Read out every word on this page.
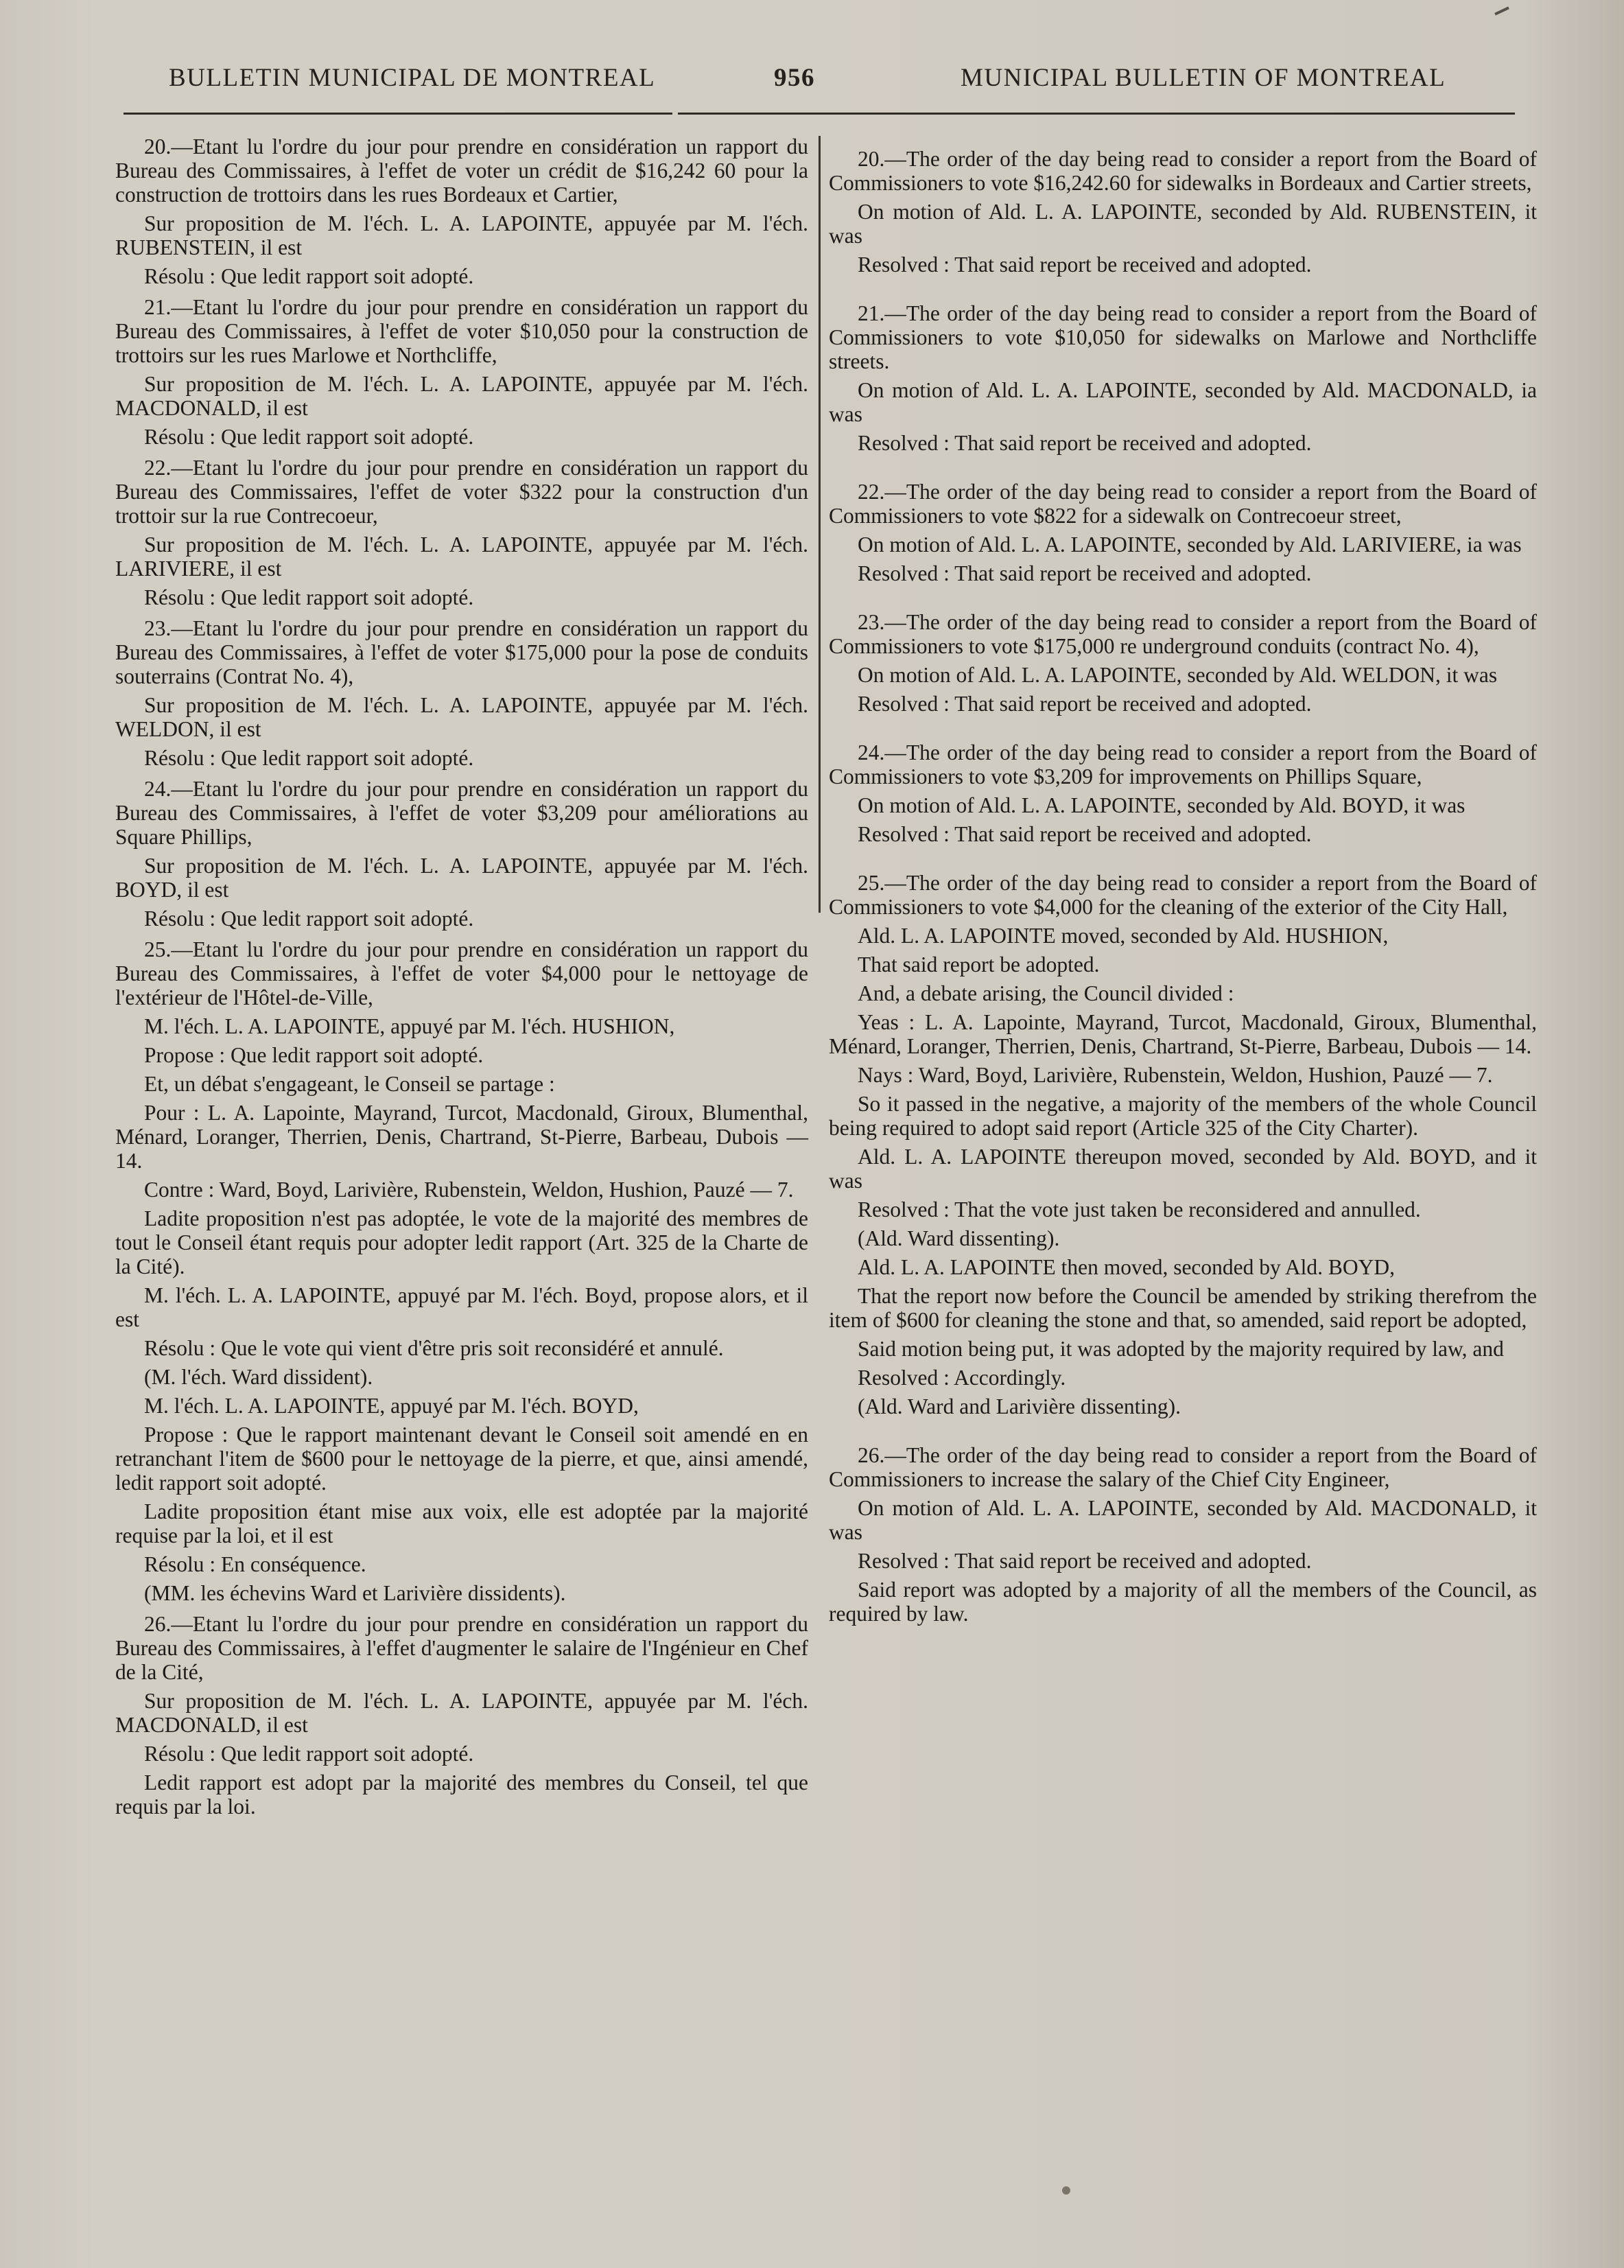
BULLETIN MUNICIPAL DE MONTREAL	956	MUNICIPAL BULLETIN OF MONTREAL

20.—Etant lu l'ordre du jour pour prendre en considération un rapport du Bureau des Commissaires, à l'effet de voter un crédit de $16,242 60 pour la construction de trottoirs dans les rues Bordeaux et Cartier,

Sur proposition de M. l'éch. L. A. LAPOINTE, appuyée par M. l'éch. RUBENSTEIN, il est

Résolu : Que ledit rapport soit adopté.

21.—Etant lu l'ordre du jour pour prendre en considération un rapport du Bureau des Commissaires, à l'effet de voter $10,050 pour la construction de trottoirs sur les rues Marlowe et Northcliffe,

Sur proposition de M. l'éch. L. A. LAPOINTE, appuyée par M. l'éch. MACDONALD, il est

Résolu : Que ledit rapport soit adopté.

22.—Etant lu l'ordre du jour pour prendre en considération un rapport du Bureau des Commissaires, l'effet de voter $322 pour la construction d'un trottoir sur la rue Contrecoeur,

Sur proposition de M. l'éch. L. A. LAPOINTE, appuyée par M. l'éch. LARIVIERE, il est

Résolu : Que ledit rapport soit adopté.

23.—Etant lu l'ordre du jour pour prendre en considération un rapport du Bureau des Commissaires, à l'effet de voter $175,000 pour la pose de conduits souterrains (Contrat No. 4),

Sur proposition de M. l'éch. L. A. LAPOINTE, appuyée par M. l'éch. WELDON, il est

Résolu : Que ledit rapport soit adopté.

24.—Etant lu l'ordre du jour pour prendre en considération un rapport du Bureau des Commissaires, à l'effet de voter $3,209 pour améliorations au Square Phillips,

Sur proposition de M. l'éch. L. A. LAPOINTE, appuyée par M. l'éch. BOYD, il est

Résolu : Que ledit rapport soit adopté.

25.—Etant lu l'ordre du jour pour prendre en considération un rapport du Bureau des Commissaires, à l'effet de voter $4,000 pour le nettoyage de l'extérieur de l'Hôtel-de-Ville,

M. l'éch. L. A. LAPOINTE, appuyé par M. l'éch. HUSHION,

Propose : Que ledit rapport soit adopté.

Et, un débat s'engageant, le Conseil se partage :

Pour : L. A. Lapointe, Mayrand, Turcot, Macdonald, Giroux, Blumenthal, Ménard, Loranger, Therrien, Denis, Chartrand, St-Pierre, Barbeau, Dubois — 14.

Contre : Ward, Boyd, Larivière, Rubenstein, Weldon, Hushion, Pauzé — 7.

Ladite proposition n'est pas adoptée, le vote de la majorité des membres de tout le Conseil étant requis pour adopter ledit rapport (Art. 325 de la Charte de la Cité).

M. l'éch. L. A. LAPOINTE, appuyé par M. l'éch. Boyd, propose alors, et il est

Résolu : Que le vote qui vient d'être pris soit reconsidéré et annulé.

(M. l'éch. Ward dissident).

M. l'éch. L. A. LAPOINTE, appuyé par M. l'éch. BOYD,

Propose : Que le rapport maintenant devant le Conseil soit amendé en en retranchant l'item de $600 pour le nettoyage de la pierre, et que, ainsi amendé, ledit rapport soit adopté.

Ladite proposition étant mise aux voix, elle est adoptée par la majorité requise par la loi, et il est

Résolu : En conséquence.

(MM. les échevins Ward et Larivière dissidents).

26.—Etant lu l'ordre du jour pour prendre en considération un rapport du Bureau des Commissaires, à l'effet d'augmenter le salaire de l'Ingénieur en Chef de la Cité,

Sur proposition de M. l'éch. L. A. LAPOINTE, appuyée par M. l'éch. MACDONALD, il est

Résolu : Que ledit rapport soit adopté.

Ledit rapport est adopt par la majorité des membres du Conseil, tel que requis par la loi.

20.—The order of the day being read to consider a report from the Board of Commissioners to vote $16,242.60 for sidewalks in Bordeaux and Cartier streets,

On motion of Ald. L. A. LAPOINTE, seconded by Ald. RUBENSTEIN, it was

Resolved : That said report be received and adopted.

21.—The order of the day being read to consider a report from the Board of Commissioners to vote $10,050 for sidewalks on Marlowe and Northcliffe streets.

On motion of Ald. L. A. LAPOINTE, seconded by Ald. MACDONALD, ia was

Resolved : That said report be received and adopted.

22.—The order of the day being read to consider a report from the Board of Commissioners to vote $822 for a sidewalk on Contrecoeur street,

On motion of Ald. L. A. LAPOINTE, seconded by Ald. LARIVIERE, ia was

Resolved : That said report be received and adopted.

23.—The order of the day being read to consider a report from the Board of Commissioners to vote $175,000 re underground conduits (contract No. 4),

On motion of Ald. L. A. LAPOINTE, seconded by Ald. WELDON, it was

Resolved : That said report be received and adopted.

24.—The order of the day being read to consider a report from the Board of Commissioners to vote $3,209 for improvements on Phillips Square,

On motion of Ald. L. A. LAPOINTE, seconded by Ald. BOYD, it was

Resolved : That said report be received and adopted.

25.—The order of the day being read to consider a report from the Board of Commissioners to vote $4,000 for the cleaning of the exterior of the City Hall,

Ald. L. A. LAPOINTE moved, seconded by Ald. HUSHION,

That said report be adopted.

And, a debate arising, the Council divided :

Yeas : L. A. Lapointe, Mayrand, Turcot, Macdonald, Giroux, Blumenthal, Ménard, Loranger, Therrien, Denis, Chartrand, St-Pierre, Barbeau, Dubois — 14.

Nays : Ward, Boyd, Larivière, Rubenstein, Weldon, Hushion, Pauzé — 7.

So it passed in the negative, a majority of the members of the whole Council being required to adopt said report (Article 325 of the City Charter).

Ald. L. A. LAPOINTE thereupon moved, seconded by Ald. BOYD, and it was

Resolved : That the vote just taken be reconsidered and annulled.

(Ald. Ward dissenting).

Ald. L. A. LAPOINTE then moved, seconded by Ald. BOYD,

That the report now before the Council be amended by striking therefrom the item of $600 for cleaning the stone and that, so amended, said report be adopted,

Said motion being put, it was adopted by the majority required by law, and

Resolved : Accordingly.

(Ald. Ward and Larivière dissenting).

26.—The order of the day being read to consider a report from the Board of Commissioners to increase the salary of the Chief City Engineer,

On motion of Ald. L. A. LAPOINTE, seconded by Ald. MACDONALD, it was

Resolved : That said report be received and adopted.

Said report was adopted by a majority of all the members of the Council, as required by law.
